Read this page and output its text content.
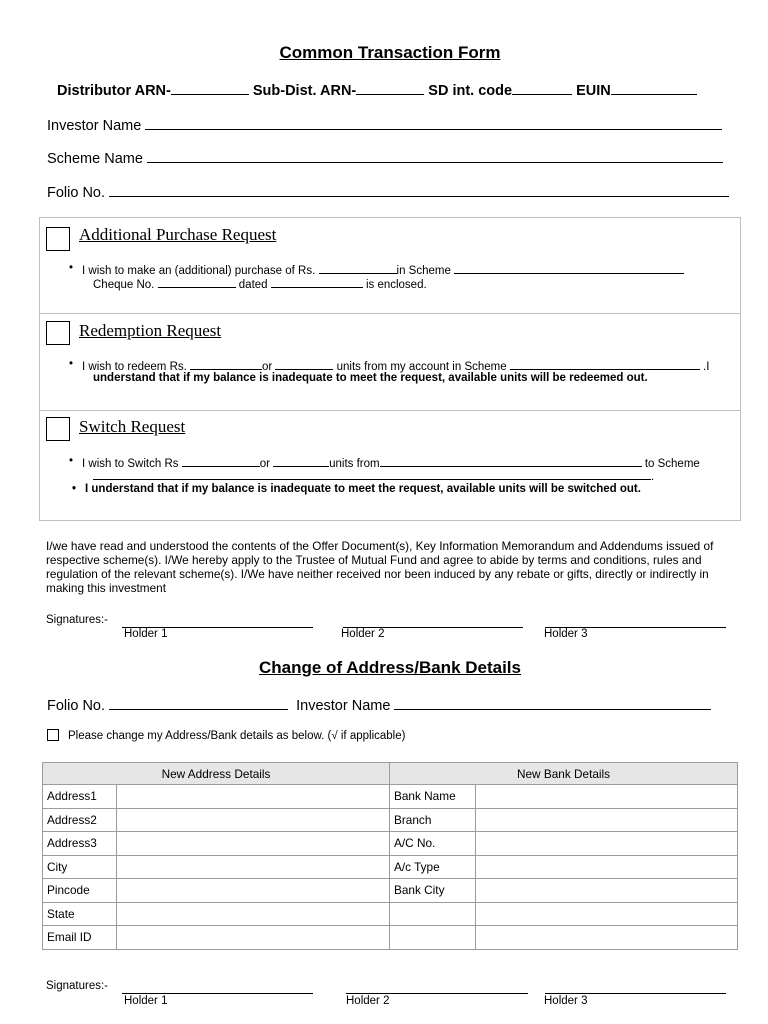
Common Transaction Form
Distributor ARN-	Sub-Dist. ARN-	SD int. code	EUIN
Investor Name
Scheme Name
Folio No.
Additional Purchase Request
• I wish to make an (additional) purchase of Rs.	in Scheme
Cheque No.	dated	is enclosed.
Redemption Request
• I wish to redeem Rs.	or	units from my account in Scheme	.I
understand that if my balance is inadequate to meet the request, available units will be redeemed out.
Switch Request
• I wish to Switch Rs	or	units from	to Scheme
.
• I understand that if my balance is inadequate to meet the request, available units will be switched out.
I/we have read and understood the contents of the Offer Document(s), Key Information Memorandum and Addendums issued of respective scheme(s). I/We hereby apply to the Trustee of Mutual Fund and agree to abide by terms and conditions, rules and regulation of the relevant scheme(s). I/We have neither received nor been induced by any rebate or gifts, directly or indirectly in making this investment
Signatures:-
Holder 1	Holder 2	Holder 3
Change of Address/Bank Details
Folio No.	Investor Name
Please change my Address/Bank details as below. (√ if applicable)
New Address Details		New Bank Details	
Address1		Bank Name	
Address2		Branch	
Address3		A/C No.	
City		A/c Type	
Pincode		Bank City	
State			
Email ID			
Signatures:-
Holder 1	Holder 2	Holder 3
